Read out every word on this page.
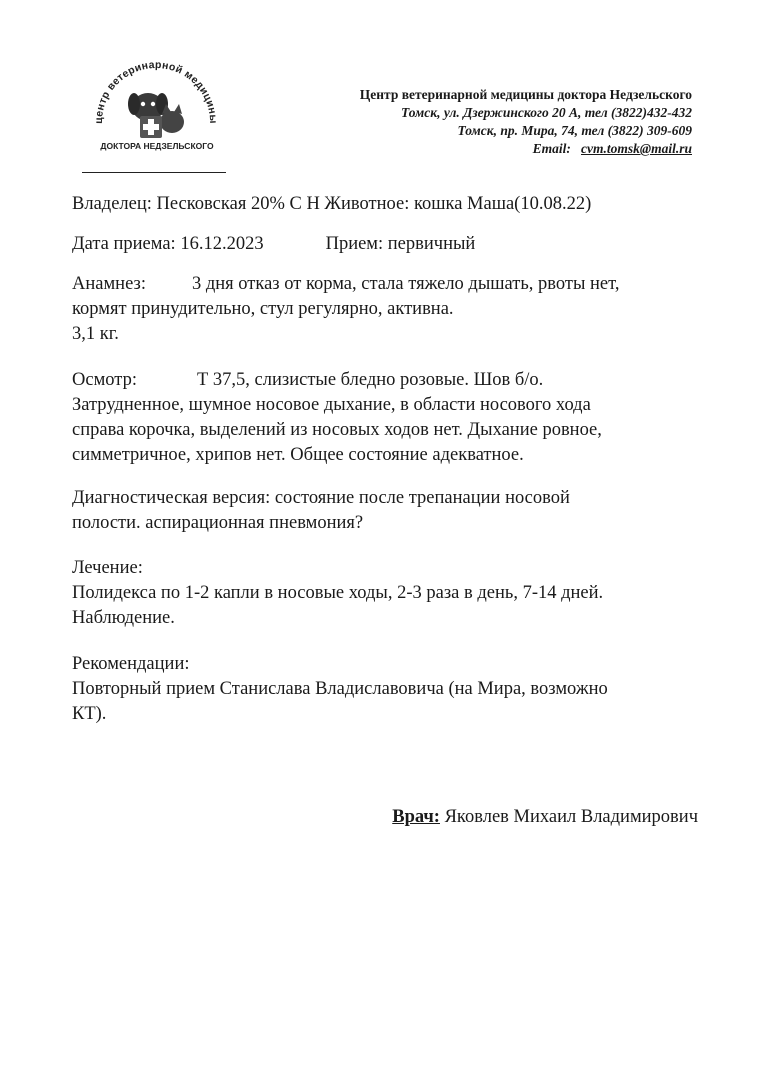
центр ветеринарной медицины
ДОКТОРА НЕДЗЕЛЬСКОГО
Центр ветеринарной медицины доктора Недзельского
Томск, ул. Дзержинского 20 А, тел (3822)432-432
Томск, пр. Мира, 74, тел (3822) 309-609
Email: cvm.tomsk@mail.ru
Владелец: Песковская 20% С Н Животное: кошка Маша(10.08.22)
Дата приема: 16.12.2023	Прием: первичный
Анамнез: 3 дня отказ от корма, стала тяжело дышать, рвоты нет,
кормят принудительно, стул регулярно, активна.
3,1 кг.
Осмотр:	Т 37,5, слизистые бледно розовые. Шов б/о.
Затрудненное, шумное носовое дыхание, в области носового хода
справа корочка, выделений из носовых ходов нет. Дыхание ровное,
симметричное, хрипов нет. Общее состояние адекватное.
Диагностическая версия: состояние после трепанации носовой
полости. аспирационная пневмония?
Лечение:
Полидекса по 1-2 капли в носовые ходы, 2-3 раза в день, 7-14 дней.
Наблюдение.
Рекомендации:
Повторный прием Станислава Владиславовича (на Мира, возможно
КТ).
Врач: Яковлев Михаил Владимирович
